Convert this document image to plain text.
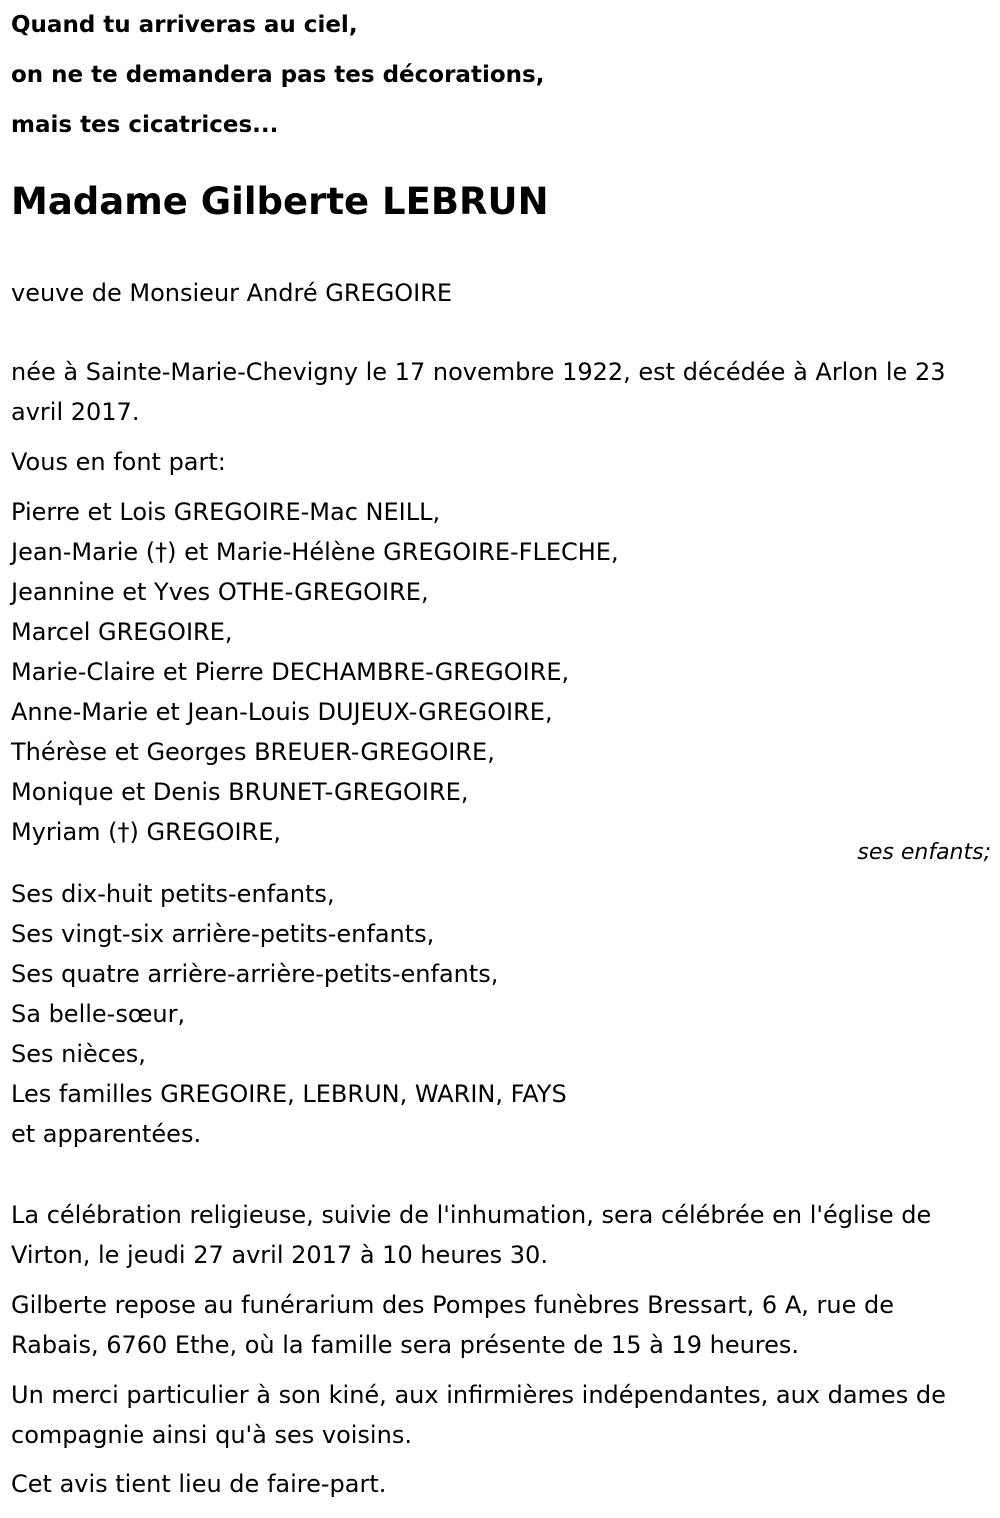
Quand tu arriveras au ciel,
on ne te demandera pas tes décorations,
mais tes cicatrices...
Madame Gilberte LEBRUN
veuve de Monsieur André GREGOIRE
née à Sainte-Marie-Chevigny le 17 novembre 1922, est décédée à Arlon le 23 avril 2017.
Vous en font part:
Pierre et Lois GREGOIRE-Mac NEILL,
Jean-Marie (†) et Marie-Hélène GREGOIRE-FLECHE,
Jeannine et Yves OTHE-GREGOIRE,
Marcel GREGOIRE,
Marie-Claire et Pierre DECHAMBRE-GREGOIRE,
Anne-Marie et Jean-Louis DUJEUX-GREGOIRE,
Thérèse et Georges BREUER-GREGOIRE,
Monique et Denis BRUNET-GREGOIRE,
Myriam (†) GREGOIRE,
ses enfants;
Ses dix-huit petits-enfants,
Ses vingt-six arrière-petits-enfants,
Ses quatre arrière-arrière-petits-enfants,
Sa belle-sœur,
Ses nièces,
Les familles GREGOIRE, LEBRUN, WARIN, FAYS
et apparentées.
La célébration religieuse, suivie de l'inhumation, sera célébrée en l'église de Virton, le jeudi 27 avril 2017 à 10 heures 30.
Gilberte repose au funérarium des Pompes funèbres Bressart, 6 A, rue de Rabais, 6760 Ethe, où la famille sera présente de 15 à 19 heures.
Un merci particulier à son kiné, aux infirmières indépendantes, aux dames de compagnie ainsi qu'à ses voisins.
Cet avis tient lieu de faire-part.
